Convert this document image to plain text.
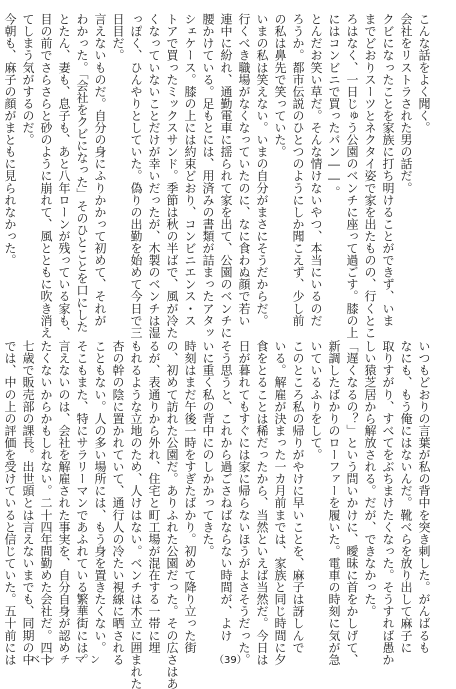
こんな話をよく聞く。
会社をリストラされた男の話だ。
クビになったことを家族に打ち明けることができず、いま
までどおりスーツとネクタイ姿で家を出たものの、行くとこ
ろはなく、一日じゅう公園のベンチに座って過ごす。膝の上
にはコンビニで買ったパン――。
とんだお笑い草だ。そんな情けないやつ、本当にいるのだ
ろうか。都市伝説のひとつのようにしか聞こえず、少し前
の私は鼻先で笑っていた。
いまの私は笑えない。いまの自分がまさにそうだからだ。
行くべき職場がなくなっていたのに、なに食わぬ顔で若い
連中に紛れ、通勤電車に揺られて家を出て、公園のベンチに
腰かけている。足もとには、用済みの書類が詰まったアタッ
シェケース。膝の上には約束どおり、コンビニエンス・ス
トアで買ったミックスサンド。季節は秋の半ばで、風が冷た
くなっていないことだけが幸いだったが、木製のベンチは湿
っぽく、ひんやりとしていた。偽りの出勤を始めて今日で三
日目だ。
言えないものだ。自分の身にふりかかって初めて、それが
わかった。「会社をクビになった」そのひとことを口にした
とたん、妻も、息子も、あと八年ローンが残っている家も、
目の前でさらさらと砂のように崩れて、風とともに吹き消え
てしまう気がするのだ。
今朝も、麻子の顔がまともに見られなかった。
いつもどおりの言葉が私の背中を突き刺した。がんばるも
なにも、もう俺にはないんだ。靴べらを放り出して麻子に
取りすがり、すべてをぶちまけたくなった。そうすれば愚か
しい猿芝居から解放される。だが、できなかった。
「遅くなるの？」という問いかけに、曖昧に首をかしげて、
新調したばかりのローファーを履いた。電車の時刻に気が急
いているふりをして。
このところ私の帰りがやけに早いことを、麻子は訝しんで
いる。解雇が決まった一カ月前までは、家族と同じ時間に夕
食をとることは稀だったから、当然といえば当然だ。今日は
日が暮れてもすぐには家に帰らないほうがよさそうだった。
そう思うと、これから過ごさねばならない時間が、よけ
いに重く私の背中にのしかかってきた。
時刻はまだ午後一時をすぎたばかり。初めて降り立った街
の、初めて訪れた公園だ。ありふれた公園だった。その広さはあ
るが、表通りから外れ、住宅と町工場が混在する一帯に埋
もれるような立地のため、人けはない。ベンチは木立に囲まれた
杏の幹の陰に置かれていて、通行人の冷たい視線に晒される
こともない。人の多い場所には、もう身を置きたくない。
そこもまた、特にサラリーマンであふれている繁華街には。
言えないのは、会社を解雇された事実を、自分自身が認め
たくないからかもしれない。二十四年間勤めた会社だ。四十
七歳で販売部の課長。出世頭とは言えないまでも、同期の中
では、中の上の評価を受けていると信じていた。五十前には ベンチマン	（39）
